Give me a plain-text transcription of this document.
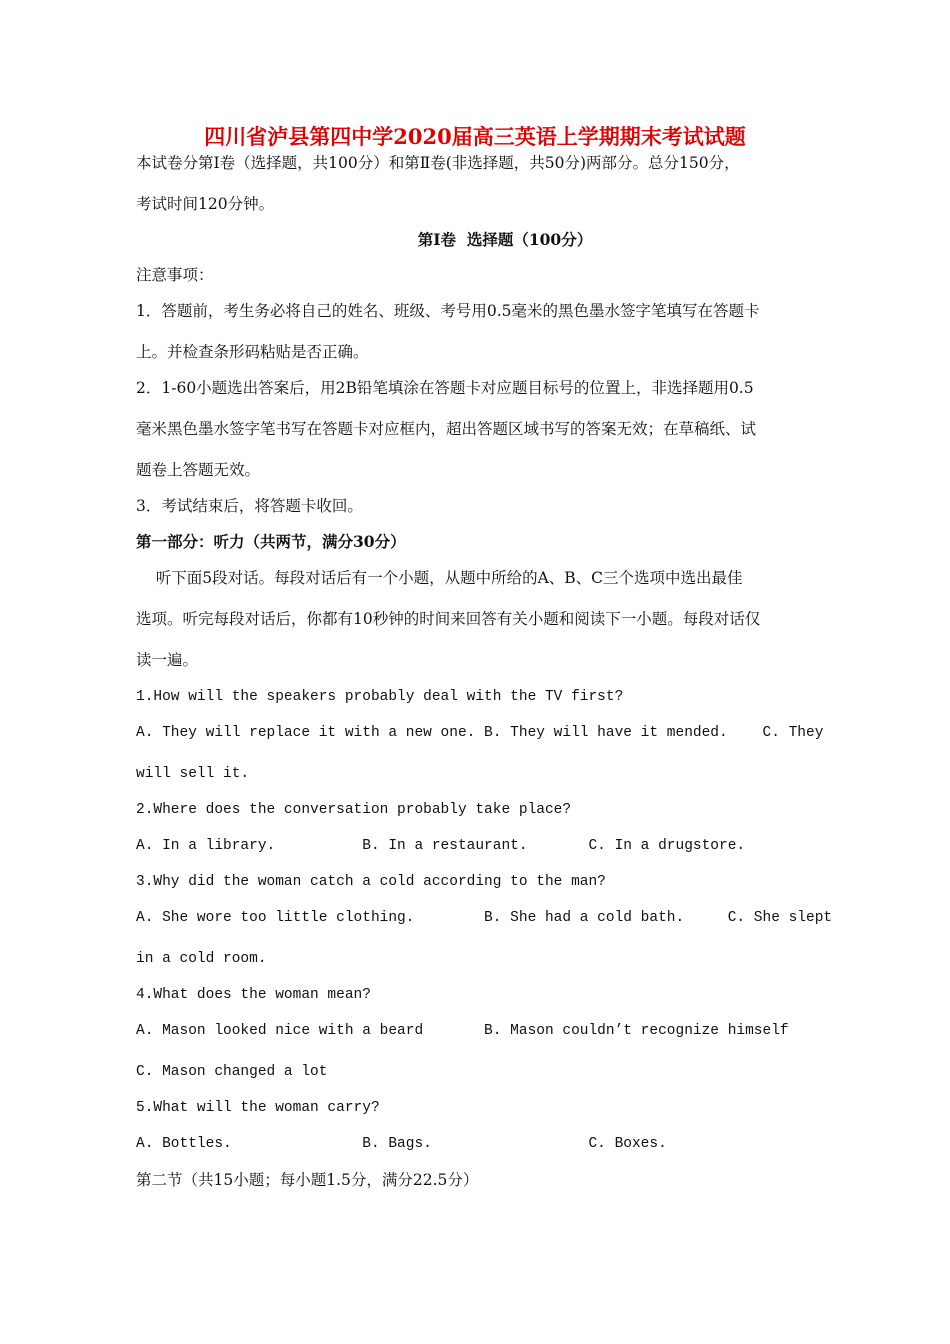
四川省泸县第四中学2020届高三英语上学期期末考试试题
本试卷分第Ⅰ卷（选择题，共100分）和第Ⅱ卷(非选择题，共50分)两部分。总分150分，
考试时间120分钟。
第Ⅰ卷  选择题（100分）
注意事项：
1．答题前，考生务必将自己的姓名、班级、考号用0.5毫米的黑色墨水签字笔填写在答题卡
上。并检查条形码粘贴是否正确。
2．1-60小题选出答案后，用2B铅笔填涂在答题卡对应题目标号的位置上，非选择题用0.5
毫米黑色墨水签字笔书写在答题卡对应框内，超出答题区域书写的答案无效；在草稿纸、试
题卷上答题无效。
3．考试结束后，将答题卡收回。
第一部分：听力（共两节，满分30分）
听下面5段对话。每段对话后有一个小题，从题中所给的A、B、C三个选项中选出最佳
选项。听完每段对话后，你都有10秒钟的时间来回答有关小题和阅读下一小题。每段对话仅
读一遍。
1.How will the speakers probably deal with the TV first?
A. They will replace it with a new one. B. They will have it mended.    C. They
will sell it.
2.Where does the conversation probably take place?
A. In a library.          B. In a restaurant.       C. In a drugstore.
3.Why did the woman catch a cold according to the man?
A. She wore too little clothing.        B. She had a cold bath.     C. She slept
in a cold room.
4.What does the woman mean?
A. Mason looked nice with a beard       B. Mason couldn’t recognize himself
C. Mason changed a lot
5.What will the woman carry?
A. Bottles.               B. Bags.                  C. Boxes.
第二节（共15小题；每小题1.5分，满分22.5分）
